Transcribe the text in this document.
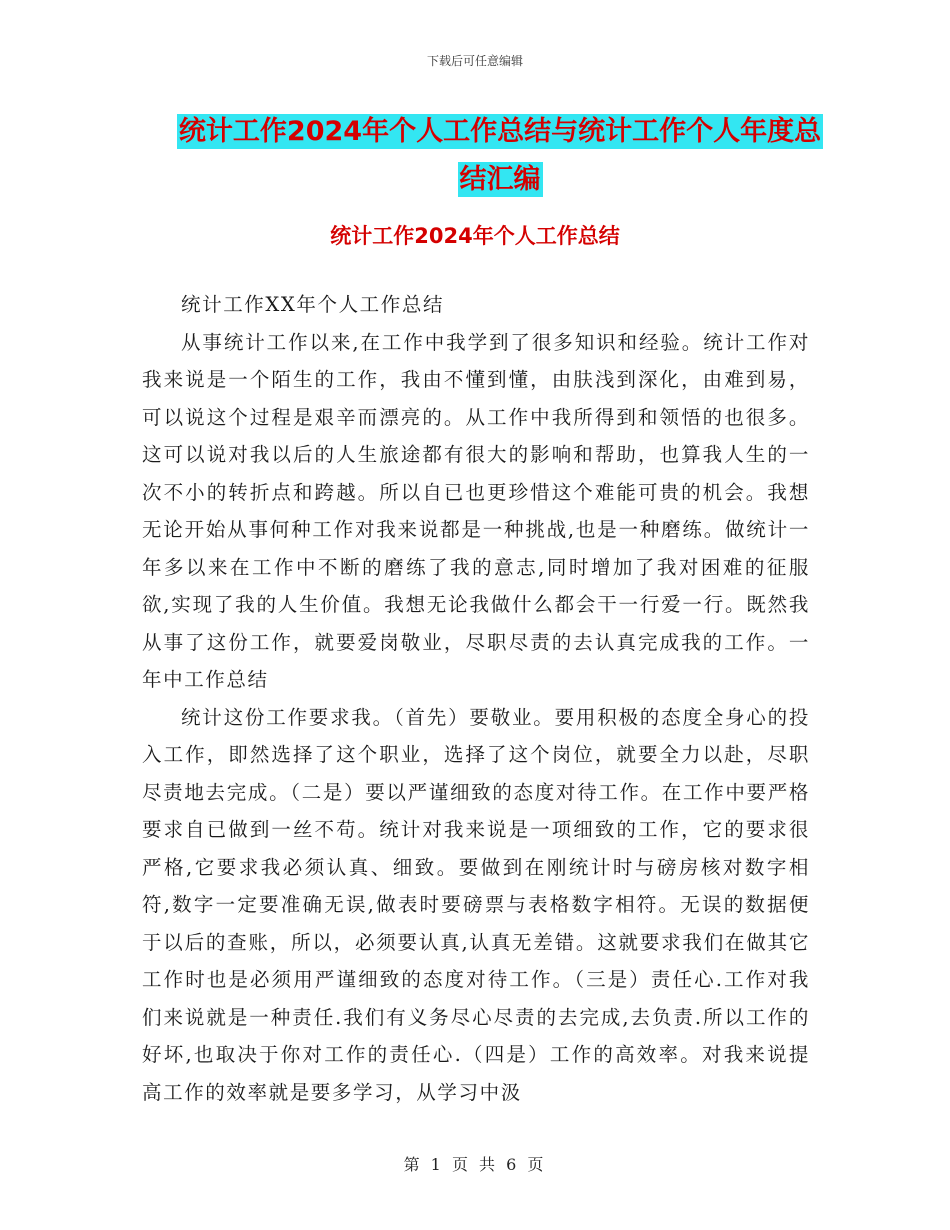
下载后可任意编辑
统计工作2024年个人工作总结与统计工作个人年度总
结汇编
统计工作2024年个人工作总结

统计工作XX年个人工作总结

从事统计工作以来,在工作中我学到了很多知识和经验。统计工作对我来说是一个陌生的工作，我由不懂到懂，由肤浅到深化，由难到易，可以说这个过程是艰辛而漂亮的。从工作中我所得到和领悟的也很多。这可以说对我以后的人生旅途都有很大的影响和帮助，也算我人生的一次不小的转折点和跨越。所以自已也更珍惜这个难能可贵的机会。我想无论开始从事何种工作对我来说都是一种挑战,也是一种磨练。做统计一年多以来在工作中不断的磨练了我的意志,同时增加了我对困难的征服欲,实现了我的人生价值。我想无论我做什么都会干一行爱一行。既然我从事了这份工作，就要爱岗敬业，尽职尽责的去认真完成我的工作。一年中工作总结

统计这份工作要求我。（首先）要敬业。要用积极的态度全身心的投入工作，即然选择了这个职业，选择了这个岗位，就要全力以赴，尽职尽责地去完成。（二是）要以严谨细致的态度对待工作。在工作中要严格要求自已做到一丝不苟。统计对我来说是一项细致的工作，它的要求很严格,它要求我必须认真、细致。要做到在刚统计时与磅房核对数字相符,数字一定要准确无误,做表时要磅票与表格数字相符。无误的数据便于以后的查账，所以，必须要认真,认真无差错。这就要求我们在做其它工作时也是必须用严谨细致的态度对待工作。（三是）责任心.工作对我们来说就是一种责任.我们有义务尽心尽责的去完成,去负责.所以工作的好坏,也取决于你对工作的责任心.（四是）工作的高效率。对我来说提高工作的效率就是要多学习，从学习中汲

第 1 页 共 6 页
